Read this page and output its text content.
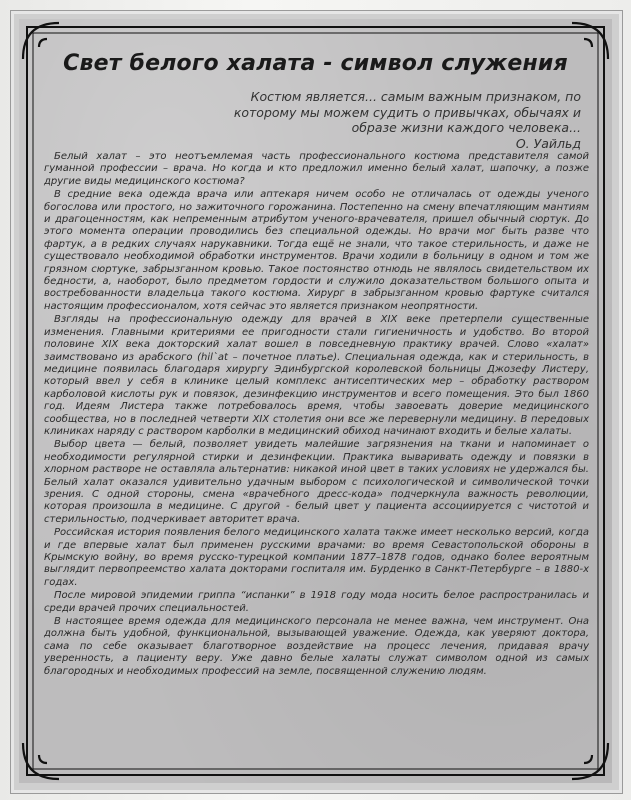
Свет белого халата - символ служения
Костюм является... самым важным признаком, по которому мы можем судить о привычках, обычаях и образе жизни каждого человека...
О. Уайльд

Белый халат – это неотъемлемая часть профессионального костюма представителя самой гуманной профессии – врача. Но когда и кто предложил именно белый халат, шапочку, а позже другие виды медицинского костюма?

В средние века одежда врача или аптекаря ничем особо не отличалась от одежды ученого богослова или простого, но зажиточного горожанина. Постепенно на смену впечатляющим мантиям и драгоценностям, как непременным атрибутом ученого-врачевателя, пришел обычный сюртук. До этого момента операции проводились без специальной одежды. Но врачи мог быть разве что фартук, а в редких случаях нарукавники. Тогда ещё не знали, что такое стерильность, и даже не существовало необходимой обработки инструментов. Врачи ходили в больницу в одном и том же грязном сюртуке, забрызганном кровью. Такое постоянство отнюдь не являлось свидетельством их бедности, а, наоборот, было предметом гордости и служило доказательством большого опыта и востребованности владельца такого костюма. Хирург в забрызганном кровью фартуке считался настоящим профессионалом, хотя сейчас это является признаком неопрятности.

Взгляды на профессиональную одежду для врачей в XIX веке претерпели существенные изменения. Главными критериями ее пригодности стали гигиеничность и удобство. Во второй половине XIX века докторский халат вошел в повседневную практику врачей. Слово «халат» заимствовано из арабского (hil`at – почетное платье). Специальная одежда, как и стерильность, в медицине появилась благодаря хирургу Эдинбургской королевской больницы Джозефу Листеру, который ввел у себя в клинике целый комплекс антисептических мер – обработку раствором карболовой кислоты рук и повязок, дезинфекцию инструментов и всего помещения. Это был 1860 год. Идеям Листера также потребовалось время, чтобы завоевать доверие медицинского сообщества, но в последней четверти XIX столетия они все же перевернули медицину. В передовых клиниках наряду с раствором карболки в медицинский обиход начинают входить и белые халаты.

Выбор цвета — белый, позволяет увидеть малейшие загрязнения на ткани и напоминает о необходимости регулярной стирки и дезинфекции. Практика вываривать одежду и повязки в хлорном растворе не оставляла альтернатив: никакой иной цвет в таких условиях не удержался бы. Белый халат оказался удивительно удачным выбором с психологической и символической точки зрения. С одной стороны, смена «врачебного дресс-кода» подчеркнула важность революции, которая произошла в медицине. С другой - белый цвет у пациента ассоциируется с чистотой и стерильностью, подчеркивает авторитет врача.

Российская история появления белого медицинского халата также имеет несколько версий, когда и где впервые халат был применен русскими врачами: во время Севастопольской обороны в Крымскую войну, во время русско-турецкой компании 1877–1878 годов, однако более вероятным выглядит первопреемство халата докторами госпиталя им. Бурденко в Санкт-Петербурге – в 1880-х годах.

После мировой эпидемии гриппа “испанки” в 1918 году мода носить белое распространилась и среди врачей прочих специальностей.

В настоящее время одежда для медицинского персонала не менее важна, чем инструмент. Она должна быть удобной, функциональной, вызывающей уважение. Одежда, как уверяют доктора, сама по себе оказывает благотворное воздействие на процесс лечения, придавая врачу уверенность, а пациенту веру. Уже давно белые халаты служат символом одной из самых благородных и необходимых профессий на земле, посвященной служению людям.
